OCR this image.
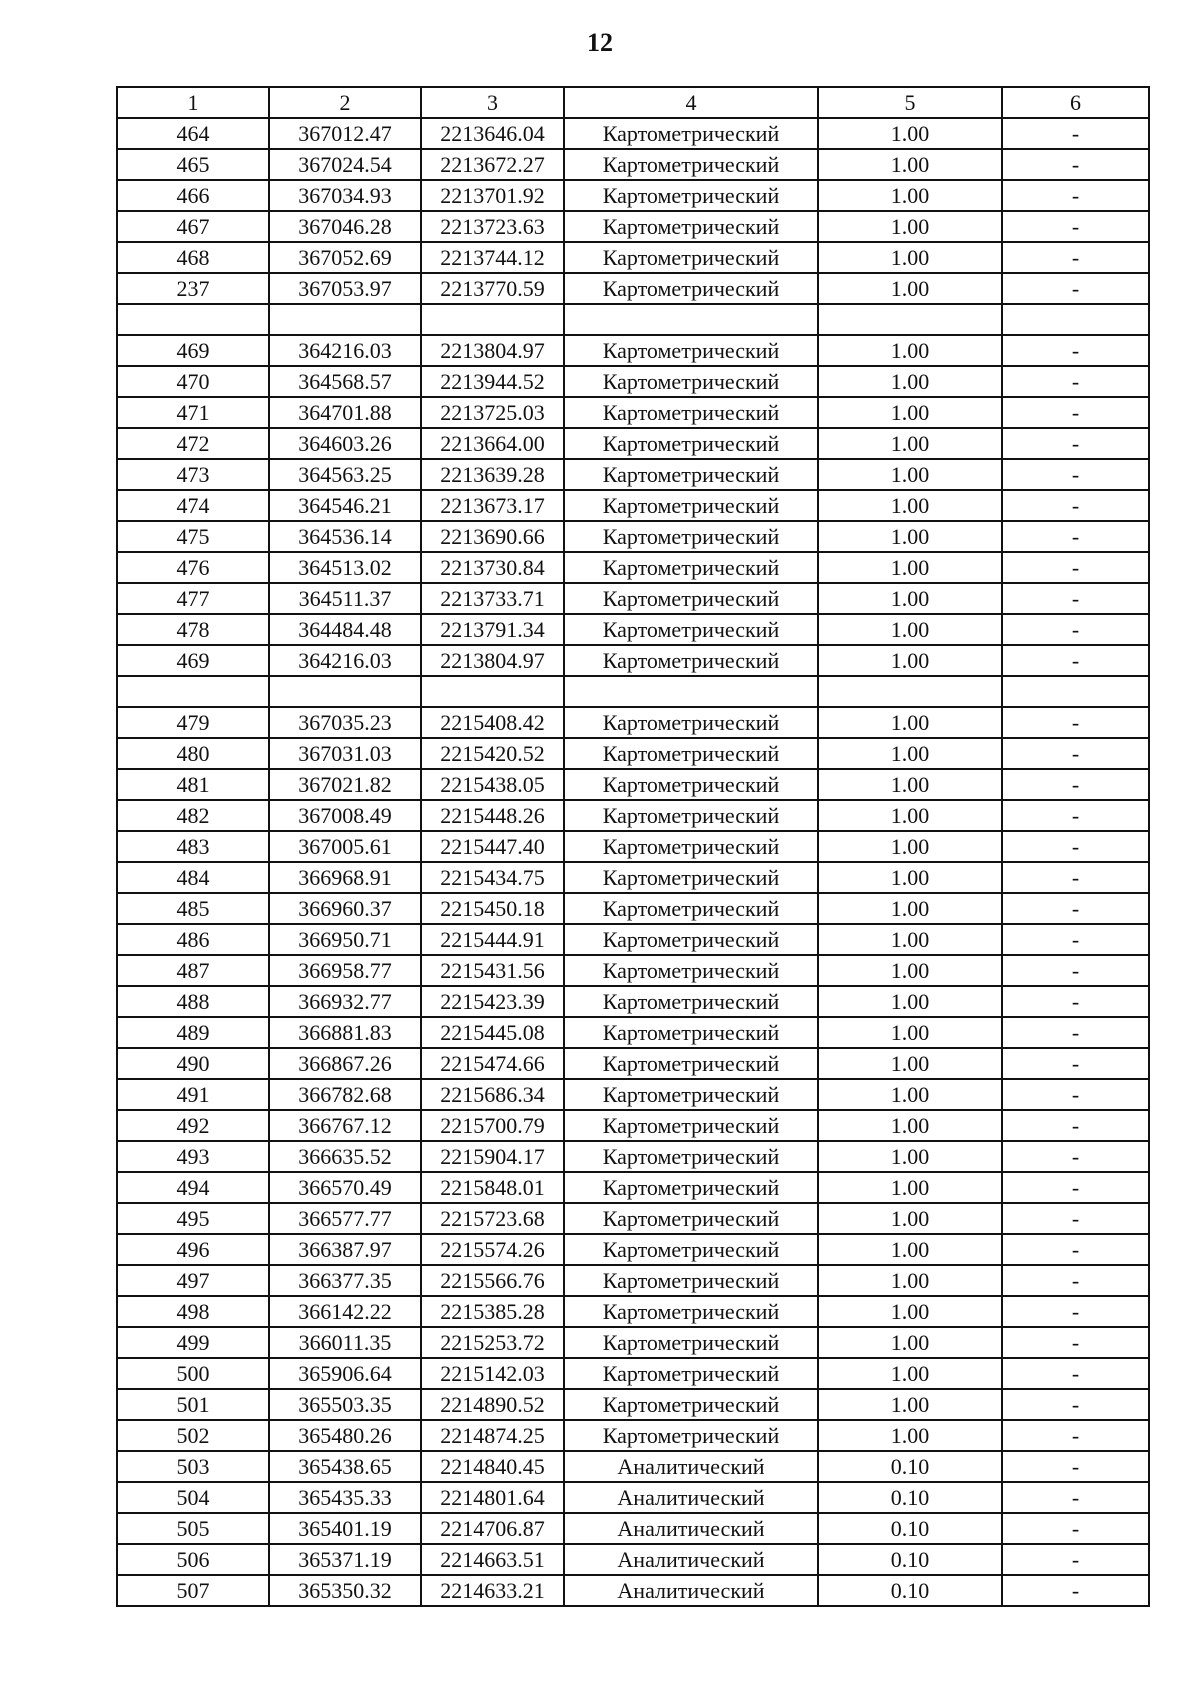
12
1	2	3	4	5	6
464	367012.47	2213646.04	Картометрический	1.00	-
465	367024.54	2213672.27	Картометрический	1.00	-
466	367034.93	2213701.92	Картометрический	1.00	-
467	367046.28	2213723.63	Картометрический	1.00	-
468	367052.69	2213744.12	Картометрический	1.00	-
237	367053.97	2213770.59	Картометрический	1.00	-

469	364216.03	2213804.97	Картометрический	1.00	-
470	364568.57	2213944.52	Картометрический	1.00	-
471	364701.88	2213725.03	Картометрический	1.00	-
472	364603.26	2213664.00	Картометрический	1.00	-
473	364563.25	2213639.28	Картометрический	1.00	-
474	364546.21	2213673.17	Картометрический	1.00	-
475	364536.14	2213690.66	Картометрический	1.00	-
476	364513.02	2213730.84	Картометрический	1.00	-
477	364511.37	2213733.71	Картометрический	1.00	-
478	364484.48	2213791.34	Картометрический	1.00	-
469	364216.03	2213804.97	Картометрический	1.00	-

479	367035.23	2215408.42	Картометрический	1.00	-
480	367031.03	2215420.52	Картометрический	1.00	-
481	367021.82	2215438.05	Картометрический	1.00	-
482	367008.49	2215448.26	Картометрический	1.00	-
483	367005.61	2215447.40	Картометрический	1.00	-
484	366968.91	2215434.75	Картометрический	1.00	-
485	366960.37	2215450.18	Картометрический	1.00	-
486	366950.71	2215444.91	Картометрический	1.00	-
487	366958.77	2215431.56	Картометрический	1.00	-
488	366932.77	2215423.39	Картометрический	1.00	-
489	366881.83	2215445.08	Картометрический	1.00	-
490	366867.26	2215474.66	Картометрический	1.00	-
491	366782.68	2215686.34	Картометрический	1.00	-
492	366767.12	2215700.79	Картометрический	1.00	-
493	366635.52	2215904.17	Картометрический	1.00	-
494	366570.49	2215848.01	Картометрический	1.00	-
495	366577.77	2215723.68	Картометрический	1.00	-
496	366387.97	2215574.26	Картометрический	1.00	-
497	366377.35	2215566.76	Картометрический	1.00	-
498	366142.22	2215385.28	Картометрический	1.00	-
499	366011.35	2215253.72	Картометрический	1.00	-
500	365906.64	2215142.03	Картометрический	1.00	-
501	365503.35	2214890.52	Картометрический	1.00	-
502	365480.26	2214874.25	Картометрический	1.00	-
503	365438.65	2214840.45	Аналитический	0.10	-
504	365435.33	2214801.64	Аналитический	0.10	-
505	365401.19	2214706.87	Аналитический	0.10	-
506	365371.19	2214663.51	Аналитический	0.10	-
507	365350.32	2214633.21	Аналитический	0.10	-
